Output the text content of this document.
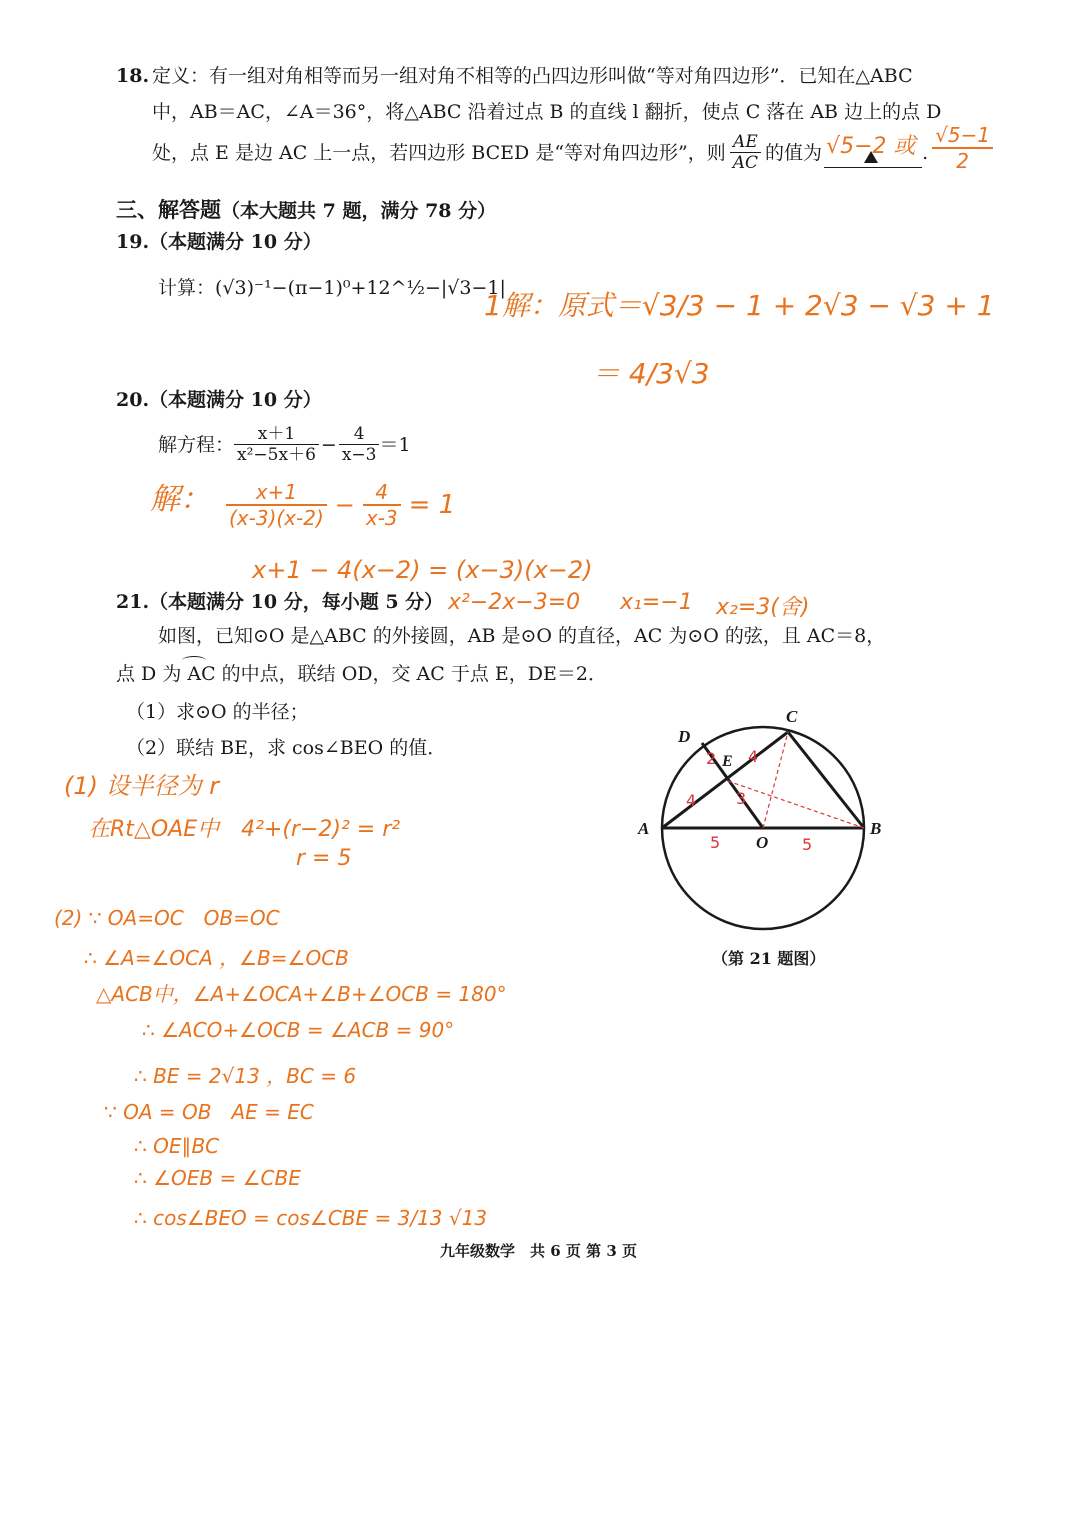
18. 定义：有一组对角相等而另一组对角不相等的凸四边形叫做“等对角四边形”．已知在△ABC
中，AB＝AC，∠A＝36°，将△ABC 沿着过点 B 的直线 l 翻折，使点 C 落在 AB 边上的点 D
处，点 E 是边 AC 上一点，若四边形 BCED 是“等对角四边形”，则 $\frac{AE}{AC}$ 的值为 √5−2 或 . $\frac{√5-1}{2}$
三、解答题（本大题共 7 题，满分 78 分）
19.（本题满分 10 分）
计算：(√3)⁻¹−(π−1)⁰+12^½−|√3−1|
1解：原式＝√3/3 − 1 + 2√3 − √3 + 1
＝ 4/3√3
20.（本题满分 10 分）
解方程： $\frac{x+1}{\text{x²−5x＋6}} - \frac{4}{x-3} =1$
解： $\frac{x+1}{(x-3)(x-2)} - \frac{4}{x-3} = 1$
x+1 − 4(x−2) = (x−3)(x−2)
x²−2x−3=0 x₁=−1 x₂=3(舍)
21.（本题满分 10 分，每小题 5 分）
如图，已知⊙O 是△ABC 的外接圆，AB 是⊙O 的直径，AC 为⊙O 的弦，且 AC＝8，
点 D 为 AC 的中点，联结 OD，交 AC 于点 E，DE＝2．
（1）求⊙O 的半径；
（2）联结 BE，求 cos∠BEO 的值．
A	B
C
D
E
O
2 4
4 3
5	5
（第 21 题图）
(1) 设半径为 r
在Rt△OAE中　4²+(r−2)² = r²
r = 5
(2) ∵ OA=OC　OB=OC
∴ ∠A=∠OCA ，∠B=∠OCB
△ACB中，∠A+∠OCA+∠B+∠OCB = 180°
∴ ∠ACO+∠OCB = ∠ACB = 90°
∴ BE = 2√13 ，BC = 6
∵ OA = OB　AE = EC
∴ OE∥BC
∴ ∠OEB = ∠CBE
∴ cos∠BEO = cos∠CBE = 3/13 √13
九年级数学　共 6 页 第 3 页
